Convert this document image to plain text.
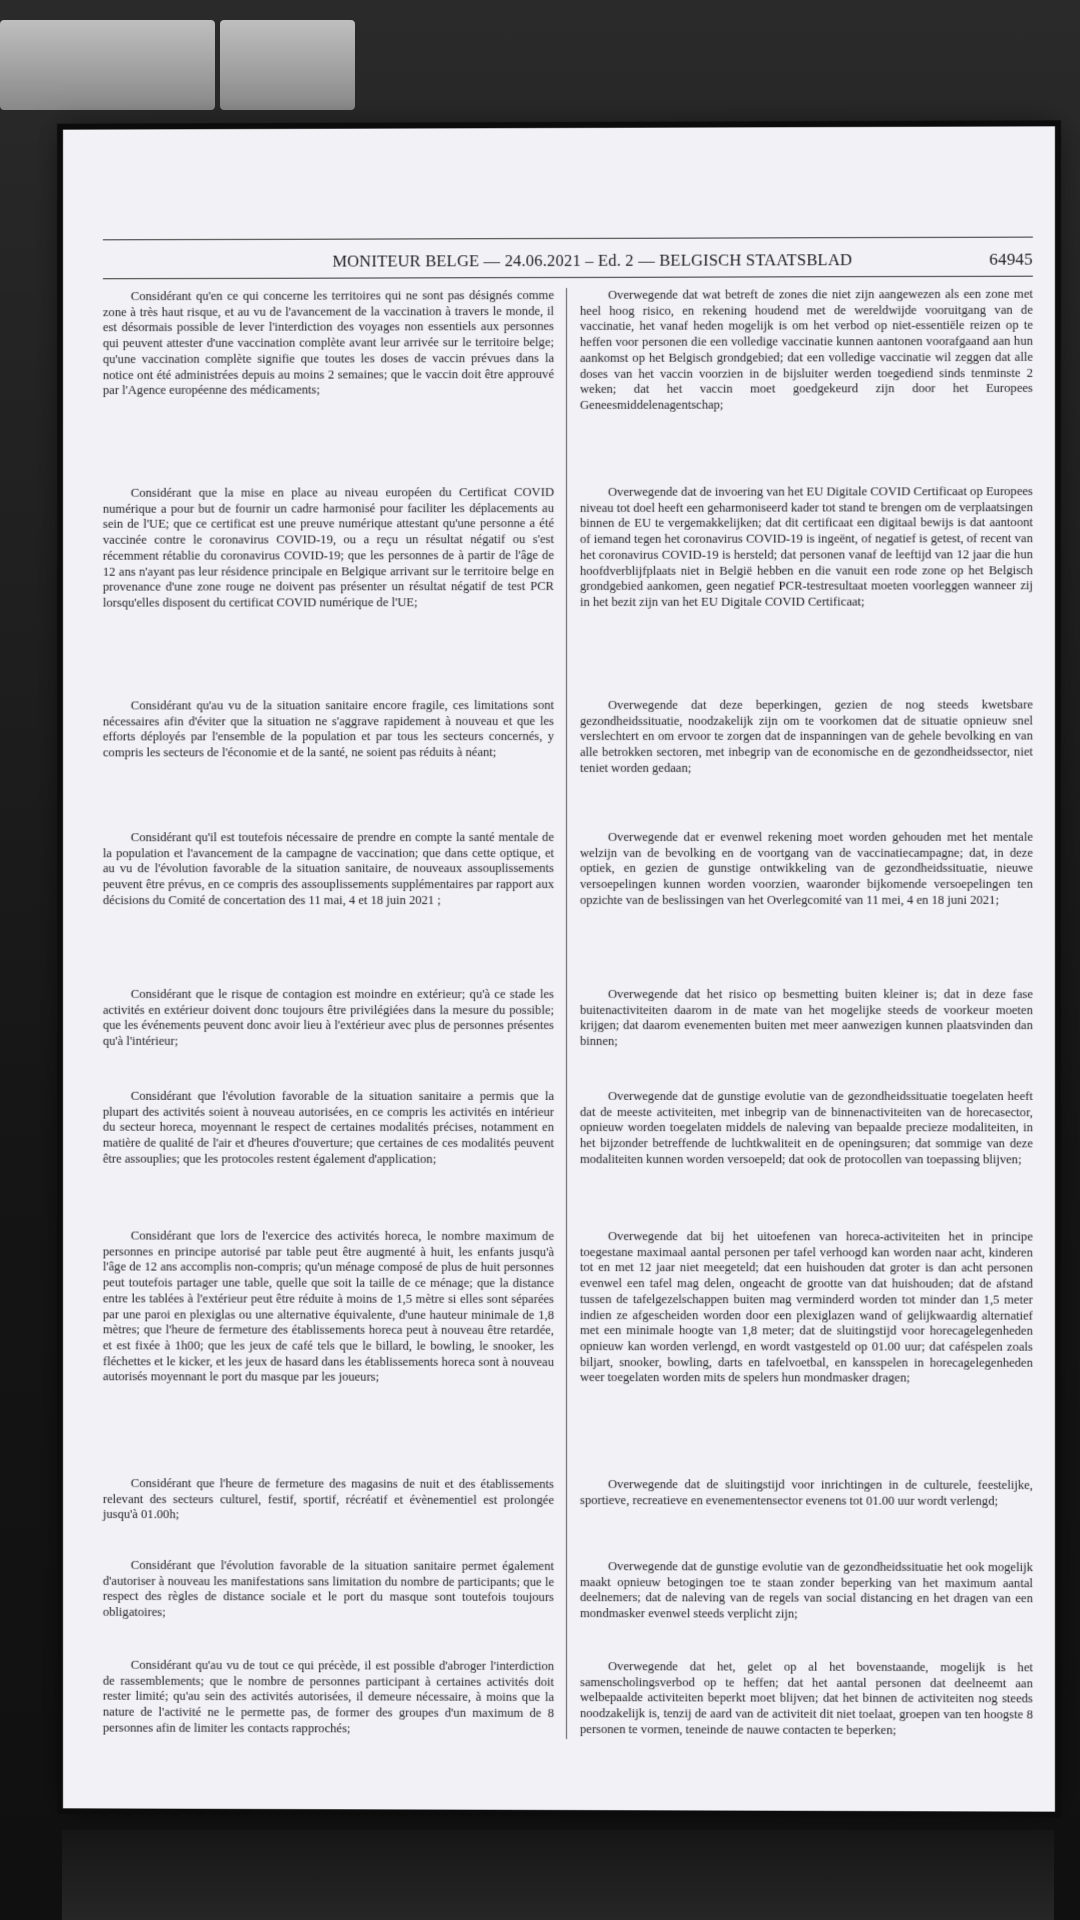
MONITEUR BELGE — 24.06.2021 – Ed. 2 — BELGISCH STAATSBLAD	64945

Considérant qu'en ce qui concerne les territoires qui ne sont pas désignés comme zone à très haut risque, et au vu de l'avancement de la vaccination à travers le monde, il est désormais possible de lever l'interdiction des voyages non essentiels aux personnes qui peuvent attester d'une vaccination complète avant leur arrivée sur le territoire belge; qu'une vaccination complète signifie que toutes les doses de vaccin prévues dans la notice ont été administrées depuis au moins 2 semaines; que le vaccin doit être approuvé par l'Agence européenne des médicaments;

Considérant que la mise en place au niveau européen du Certificat COVID numérique a pour but de fournir un cadre harmonisé pour faciliter les déplacements au sein de l'UE; que ce certificat est une preuve numérique attestant qu'une personne a été vaccinée contre le coronavirus COVID-19, ou a reçu un résultat négatif ou s'est récemment rétablie du coronavirus COVID-19; que les personnes de à partir de l'âge de 12 ans n'ayant pas leur résidence principale en Belgique arrivant sur le territoire belge en provenance d'une zone rouge ne doivent pas présenter un résultat négatif de test PCR lorsqu'elles disposent du certificat COVID numérique de l'UE;

Considérant qu'au vu de la situation sanitaire encore fragile, ces limitations sont nécessaires afin d'éviter que la situation ne s'aggrave rapidement à nouveau et que les efforts déployés par l'ensemble de la population et par tous les secteurs concernés, y compris les secteurs de l'économie et de la santé, ne soient pas réduits à néant;

Considérant qu'il est toutefois nécessaire de prendre en compte la santé mentale de la population et l'avancement de la campagne de vaccination; que dans cette optique, et au vu de l'évolution favorable de la situation sanitaire, de nouveaux assouplissements peuvent être prévus, en ce compris des assouplissements supplémentaires par rapport aux décisions du Comité de concertation des 11 mai, 4 et 18 juin 2021 ;

Considérant que le risque de contagion est moindre en extérieur; qu'à ce stade les activités en extérieur doivent donc toujours être privilégiées dans la mesure du possible; que les événements peuvent donc avoir lieu à l'extérieur avec plus de personnes présentes qu'à l'intérieur;

Considérant que l'évolution favorable de la situation sanitaire a permis que la plupart des activités soient à nouveau autorisées, en ce compris les activités en intérieur du secteur horeca, moyennant le respect de certaines modalités précises, notamment en matière de qualité de l'air et d'heures d'ouverture; que certaines de ces modalités peuvent être assouplies; que les protocoles restent également d'application;

Considérant que lors de l'exercice des activités horeca, le nombre maximum de personnes en principe autorisé par table peut être augmenté à huit, les enfants jusqu'à l'âge de 12 ans accomplis non-compris; qu'un ménage composé de plus de huit personnes peut toutefois partager une table, quelle que soit la taille de ce ménage; que la distance entre les tablées à l'extérieur peut être réduite à moins de 1,5 mètre si elles sont séparées par une paroi en plexiglas ou une alternative équivalente, d'une hauteur minimale de 1,8 mètres; que l'heure de fermeture des établissements horeca peut à nouveau être retardée, et est fixée à 1h00; que les jeux de café tels que le billard, le bowling, le snooker, les fléchettes et le kicker, et les jeux de hasard dans les établissements horeca sont à nouveau autorisés moyennant le port du masque par les joueurs;

Considérant que l'heure de fermeture des magasins de nuit et des établissements relevant des secteurs culturel, festif, sportif, récréatif et évènementiel est prolongée jusqu'à 01.00h;

Considérant que l'évolution favorable de la situation sanitaire permet également d'autoriser à nouveau les manifestations sans limitation du nombre de participants; que le respect des règles de distance sociale et le port du masque sont toutefois toujours obligatoires;

Considérant qu'au vu de tout ce qui précède, il est possible d'abroger l'interdiction de rassemblements; que le nombre de personnes participant à certaines activités doit rester limité; qu'au sein des activités autorisées, il demeure nécessaire, à moins que la nature de l'activité ne le permette pas, de former des groupes d'un maximum de 8 personnes afin de limiter les contacts rapprochés;

Overwegende dat wat betreft de zones die niet zijn aangewezen als een zone met heel hoog risico, en rekening houdend met de wereldwijde vooruitgang van de vaccinatie, het vanaf heden mogelijk is om het verbod op niet-essentiële reizen op te heffen voor personen die een volledige vaccinatie kunnen aantonen voorafgaand aan hun aankomst op het Belgisch grondgebied; dat een volledige vaccinatie wil zeggen dat alle doses van het vaccin voorzien in de bijsluiter werden toegediend sinds tenminste 2 weken; dat het vaccin moet goedgekeurd zijn door het Europees Geneesmiddelenagentschap;

Overwegende dat de invoering van het EU Digitale COVID Certificaat op Europees niveau tot doel heeft een geharmoniseerd kader tot stand te brengen om de verplaatsingen binnen de EU te vergemakkelijken; dat dit certificaat een digitaal bewijs is dat aantoont of iemand tegen het coronavirus COVID-19 is ingeënt, of negatief is getest, of recent van het coronavirus COVID-19 is hersteld; dat personen vanaf de leeftijd van 12 jaar die hun hoofdverblijfplaats niet in België hebben en die vanuit een rode zone op het Belgisch grondgebied aankomen, geen negatief PCR-testresultaat moeten voorleggen wanneer zij in het bezit zijn van het EU Digitale COVID Certificaat;

Overwegende dat deze beperkingen, gezien de nog steeds kwetsbare gezondheidssituatie, noodzakelijk zijn om te voorkomen dat de situatie opnieuw snel verslechtert en om ervoor te zorgen dat de inspanningen van de gehele bevolking en van alle betrokken sectoren, met inbegrip van de economische en de gezondheidssector, niet teniet worden gedaan;

Overwegende dat er evenwel rekening moet worden gehouden met het mentale welzijn van de bevolking en de voortgang van de vaccinatiecampagne; dat, in deze optiek, en gezien de gunstige ontwikkeling van de gezondheidssituatie, nieuwe versoepelingen kunnen worden voorzien, waaronder bijkomende versoepelingen ten opzichte van de beslissingen van het Overlegcomité van 11 mei, 4 en 18 juni 2021;

Overwegende dat het risico op besmetting buiten kleiner is; dat in deze fase buitenactiviteiten daarom in de mate van het mogelijke steeds de voorkeur moeten krijgen; dat daarom evenementen buiten met meer aanwezigen kunnen plaatsvinden dan binnen;

Overwegende dat de gunstige evolutie van de gezondheidssituatie toegelaten heeft dat de meeste activiteiten, met inbegrip van de binnenactiviteiten van de horecasector, opnieuw worden toegelaten middels de naleving van bepaalde precieze modaliteiten, in het bijzonder betreffende de luchtkwaliteit en de openingsuren; dat sommige van deze modaliteiten kunnen worden versoepeld; dat ook de protocollen van toepassing blijven;

Overwegende dat bij het uitoefenen van horeca-activiteiten het in principe toegestane maximaal aantal personen per tafel verhoogd kan worden naar acht, kinderen tot en met 12 jaar niet meegeteld; dat een huishouden dat groter is dan acht personen evenwel een tafel mag delen, ongeacht de grootte van dat huishouden; dat de afstand tussen de tafelgezelschappen buiten mag verminderd worden tot minder dan 1,5 meter indien ze afgescheiden worden door een plexiglazen wand of gelijkwaardig alternatief met een minimale hoogte van 1,8 meter; dat de sluitingstijd voor horecagelegenheden opnieuw kan worden verlengd, en wordt vastgesteld op 01.00 uur; dat caféspelen zoals biljart, snooker, bowling, darts en tafelvoetbal, en kansspelen in horecagelegenheden weer toegelaten worden mits de spelers hun mondmasker dragen;

Overwegende dat de sluitingstijd voor inrichtingen in de culturele, feestelijke, sportieve, recreatieve en evenementensector evenens tot 01.00 uur wordt verlengd;

Overwegende dat de gunstige evolutie van de gezondheidssituatie het ook mogelijk maakt opnieuw betogingen toe te staan zonder beperking van het maximum aantal deelnemers; dat de naleving van de regels van social distancing en het dragen van een mondmasker evenwel steeds verplicht zijn;

Overwegende dat het, gelet op al het bovenstaande, mogelijk is het samenscholingsverbod op te heffen; dat het aantal personen dat deelneemt aan welbepaalde activiteiten beperkt moet blijven; dat het binnen de activiteiten nog steeds noodzakelijk is, tenzij de aard van de activiteit dit niet toelaat, groepen van ten hoogste 8 personen te vormen, teneinde de nauwe contacten te beperken;
